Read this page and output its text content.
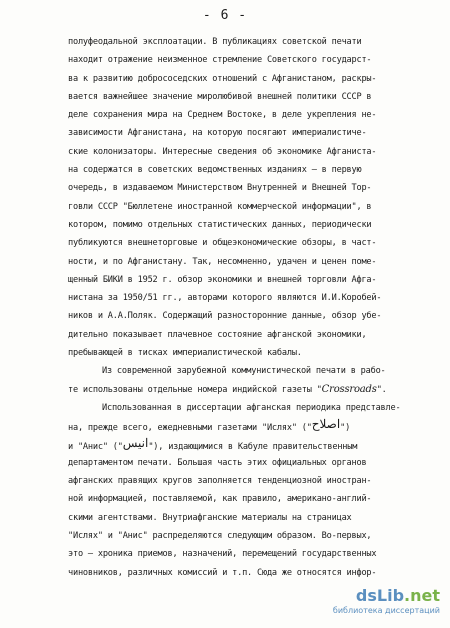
- 6 -
полуфеодальной эксплоатации. В публикациях советской печати
находит отражение неизменное стремление Советского государст-
ва к развитию добрососедских отношений с Афганистаном, раскры-
вается важнейшее значение миролюбивой внешней политики СССР в
деле сохранения мира на Среднем Востоке, в деле укрепления не-
зависимости Афганистана, на которую посягают империалистиче-
ские колонизаторы. Интересные сведения об экономике Афганиста-
на содержатся в советских ведомственных изданиях – в первую
очередь, в издаваемом Министерством Внутренней и Внешней Тор-
говли СССР "Бюллетене иностранной коммерческой информации", в
котором, помимо отдельных статистических данных, периодически
публикуются внешнеторговые и общеэкономические обзоры, в част-
ности, и по Афганистану. Так, несомненно, удачен и ценен поме-
щенный БИКИ в 1952 г. обзор экономики и внешней торговли Афга-
нистана за 1950/51 гг., авторами которого являются И.И.Коробей-
ников и А.А.Поляк. Содержащий разносторонние данные, обзор убе-
дительно показывает плачевное состояние афганской экономики,
пребывающей в тисках империалистической кабалы.
Из современной зарубежной коммунистической печати в рабо-
те использованы отдельные номера индийской газеты "Crossroads".
Использованная в диссертации афганская периодика представле-
на, прежде всего, ежедневными газетами "Ислях" ("اصلاح")
и "Анис" ("انیس"), издающимися в Кабуле правительственным
департаментом печати. Большая часть этих официальных органов
афганских правящих кругов заполняется тенденциозной иностран-
ной информацией, поставляемой, как правило, американо-англий-
скими агентствами. Внутриафганские материалы на страницах
"Ислях" и "Анис" распределяются следующим образом. Во-первых,
это – хроника приемов, назначений, перемещений государственных
чиновников, различных комиссий и т.п. Сюда же относятся инфор-
dsLib.net
библиотека диссертаций
